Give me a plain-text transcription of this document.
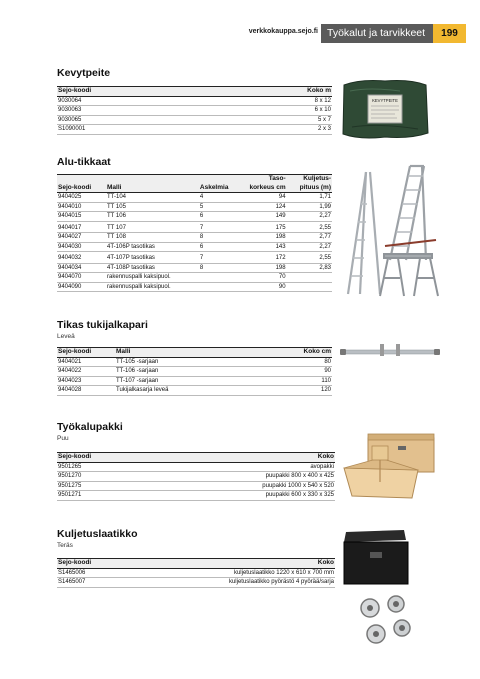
verkkokauppa.sejo.fi Työkalut ja tarvikkeet	199
Kevytpeite
Sejo-koodi	Koko m
9030064	8 x 12
9030063	6 x 10
9030065	5 x 7
S1090001	2 x 3
KEVYTPEITE
Alu-tikkaat
Sejo-koodi	Malli	Askelmia	Taso-
korkeus cm	Kuljetus-
pituus (m)
9404025	TT-104	4	94	1,71
9404010	TT 105	5	124	1,99
9404015	TT 106	6	149	2,27
9404017	TT 107	7	175	2,55
9404027	TT 108	8	198	2,77
9404030	4T-106P tasotikas	6	143	2,27
9404032	4T-107P tasotikas	7	172	2,55
9404034	4T-108P tasotikas	8	198	2,83
9404070	rakennuspalli kaksipuol.		70	
9404090	rakennuspalli kaksipuol.		90	
Tikas tukijalkapari
Leveä
Sejo-koodi	Malli	Koko cm
9404021	TT-105 -sarjaan	80
9404022	TT-106 -sarjaan	90
9404023	TT-107 -sarjaan	110
9404028	Tukijalkasarja leveä	120
Työkalupakki
Puu
Sejo-koodi	Koko
9501265	avopakki
9501270	puupakki 800 x 400 x 425
9501275	puupakki 1000 x 540 x 520
9501271	puupakki 600 x 330 x 325
Kuljetuslaatikko
Teräs
Sejo-koodi	Koko
S1465006	kuljetuslaatikko 1220 x 610 x 700 mm
S1465007	kuljetuslaatikko pyörästö 4 pyörää/sarja
